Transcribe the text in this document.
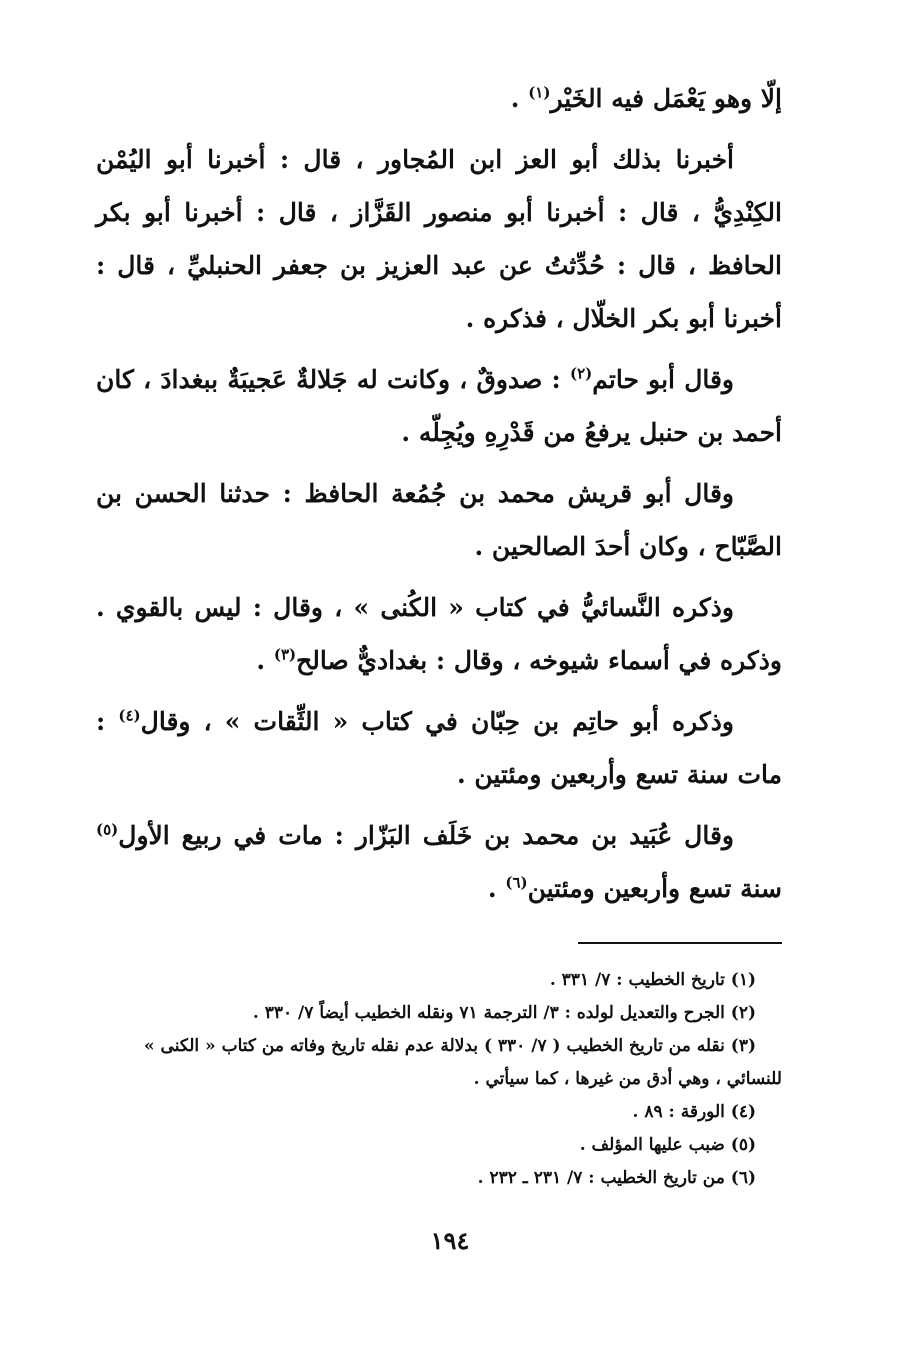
إلّا وهو يَعْمَل فيه الخَيْر$^{(١)}$ .

أخبرنا بذلك أبو العز ابن المُجاور ، قال : أخبرنا أبو اليُمْن الكِنْدِيُّ ، قال : أخبرنا أبو منصور القَزَّاز ، قال : أخبرنا أبو بكر الحافظ ، قال : حُدِّثتُ عن عبد العزيز بن جعفر الحنبليِّ ، قال : أخبرنا أبو بكر الخلّال ، فذكره .

وقال أبو حاتم$^{(٢)}$ : صدوقٌ ، وكانت له جَلالةٌ عَجيبَةٌ ببغدادَ ، كان أحمد بن حنبل يرفعُ من قَدْرِهِ ويُجِلّه .

وقال أبو قريش محمد بن جُمُعة الحافظ : حدثنا الحسن بن الصَّبّاح ، وكان أحدَ الصالحين .

وذكره النَّسائيُّ في كتاب « الكُنى » ، وقال : ليس بالقوي . وذكره في أسماء شيوخه ، وقال : بغداديٌّ صالح$^{(٣)}$ .

وذكره أبو حاتِم بن حِبّان في كتاب « الثِّقات » ، وقال$^{(٤)}$ : مات سنة تسع وأربعين ومئتين .

وقال عُبَيد بن محمد بن خَلَف البَزّار : مات في ربيع الأول$^{(٥)}$ سنة تسع وأربعين ومئتين$^{(٦)}$ .

(١) تاريخ الخطيب : ٧/ ٣٣١ .

(٢) الجرح والتعديل لولده : ٣/ الترجمة ٧١ ونقله الخطيب أيضاً ٧/ ٣٣٠ .

(٣) نقله من تاريخ الخطيب ( ٧/ ٣٣٠ ) بدلالة عدم نقله تاريخ وفاته من كتاب « الكنى »

للنسائي ، وهي أدق من غيرها ، كما سيأتي .

(٤) الورقة : ٨٩ .

(٥) ضبب عليها المؤلف .

(٦) من تاريخ الخطيب : ٧/ ٢٣١ ـ ٢٣٢ .

١٩٤
